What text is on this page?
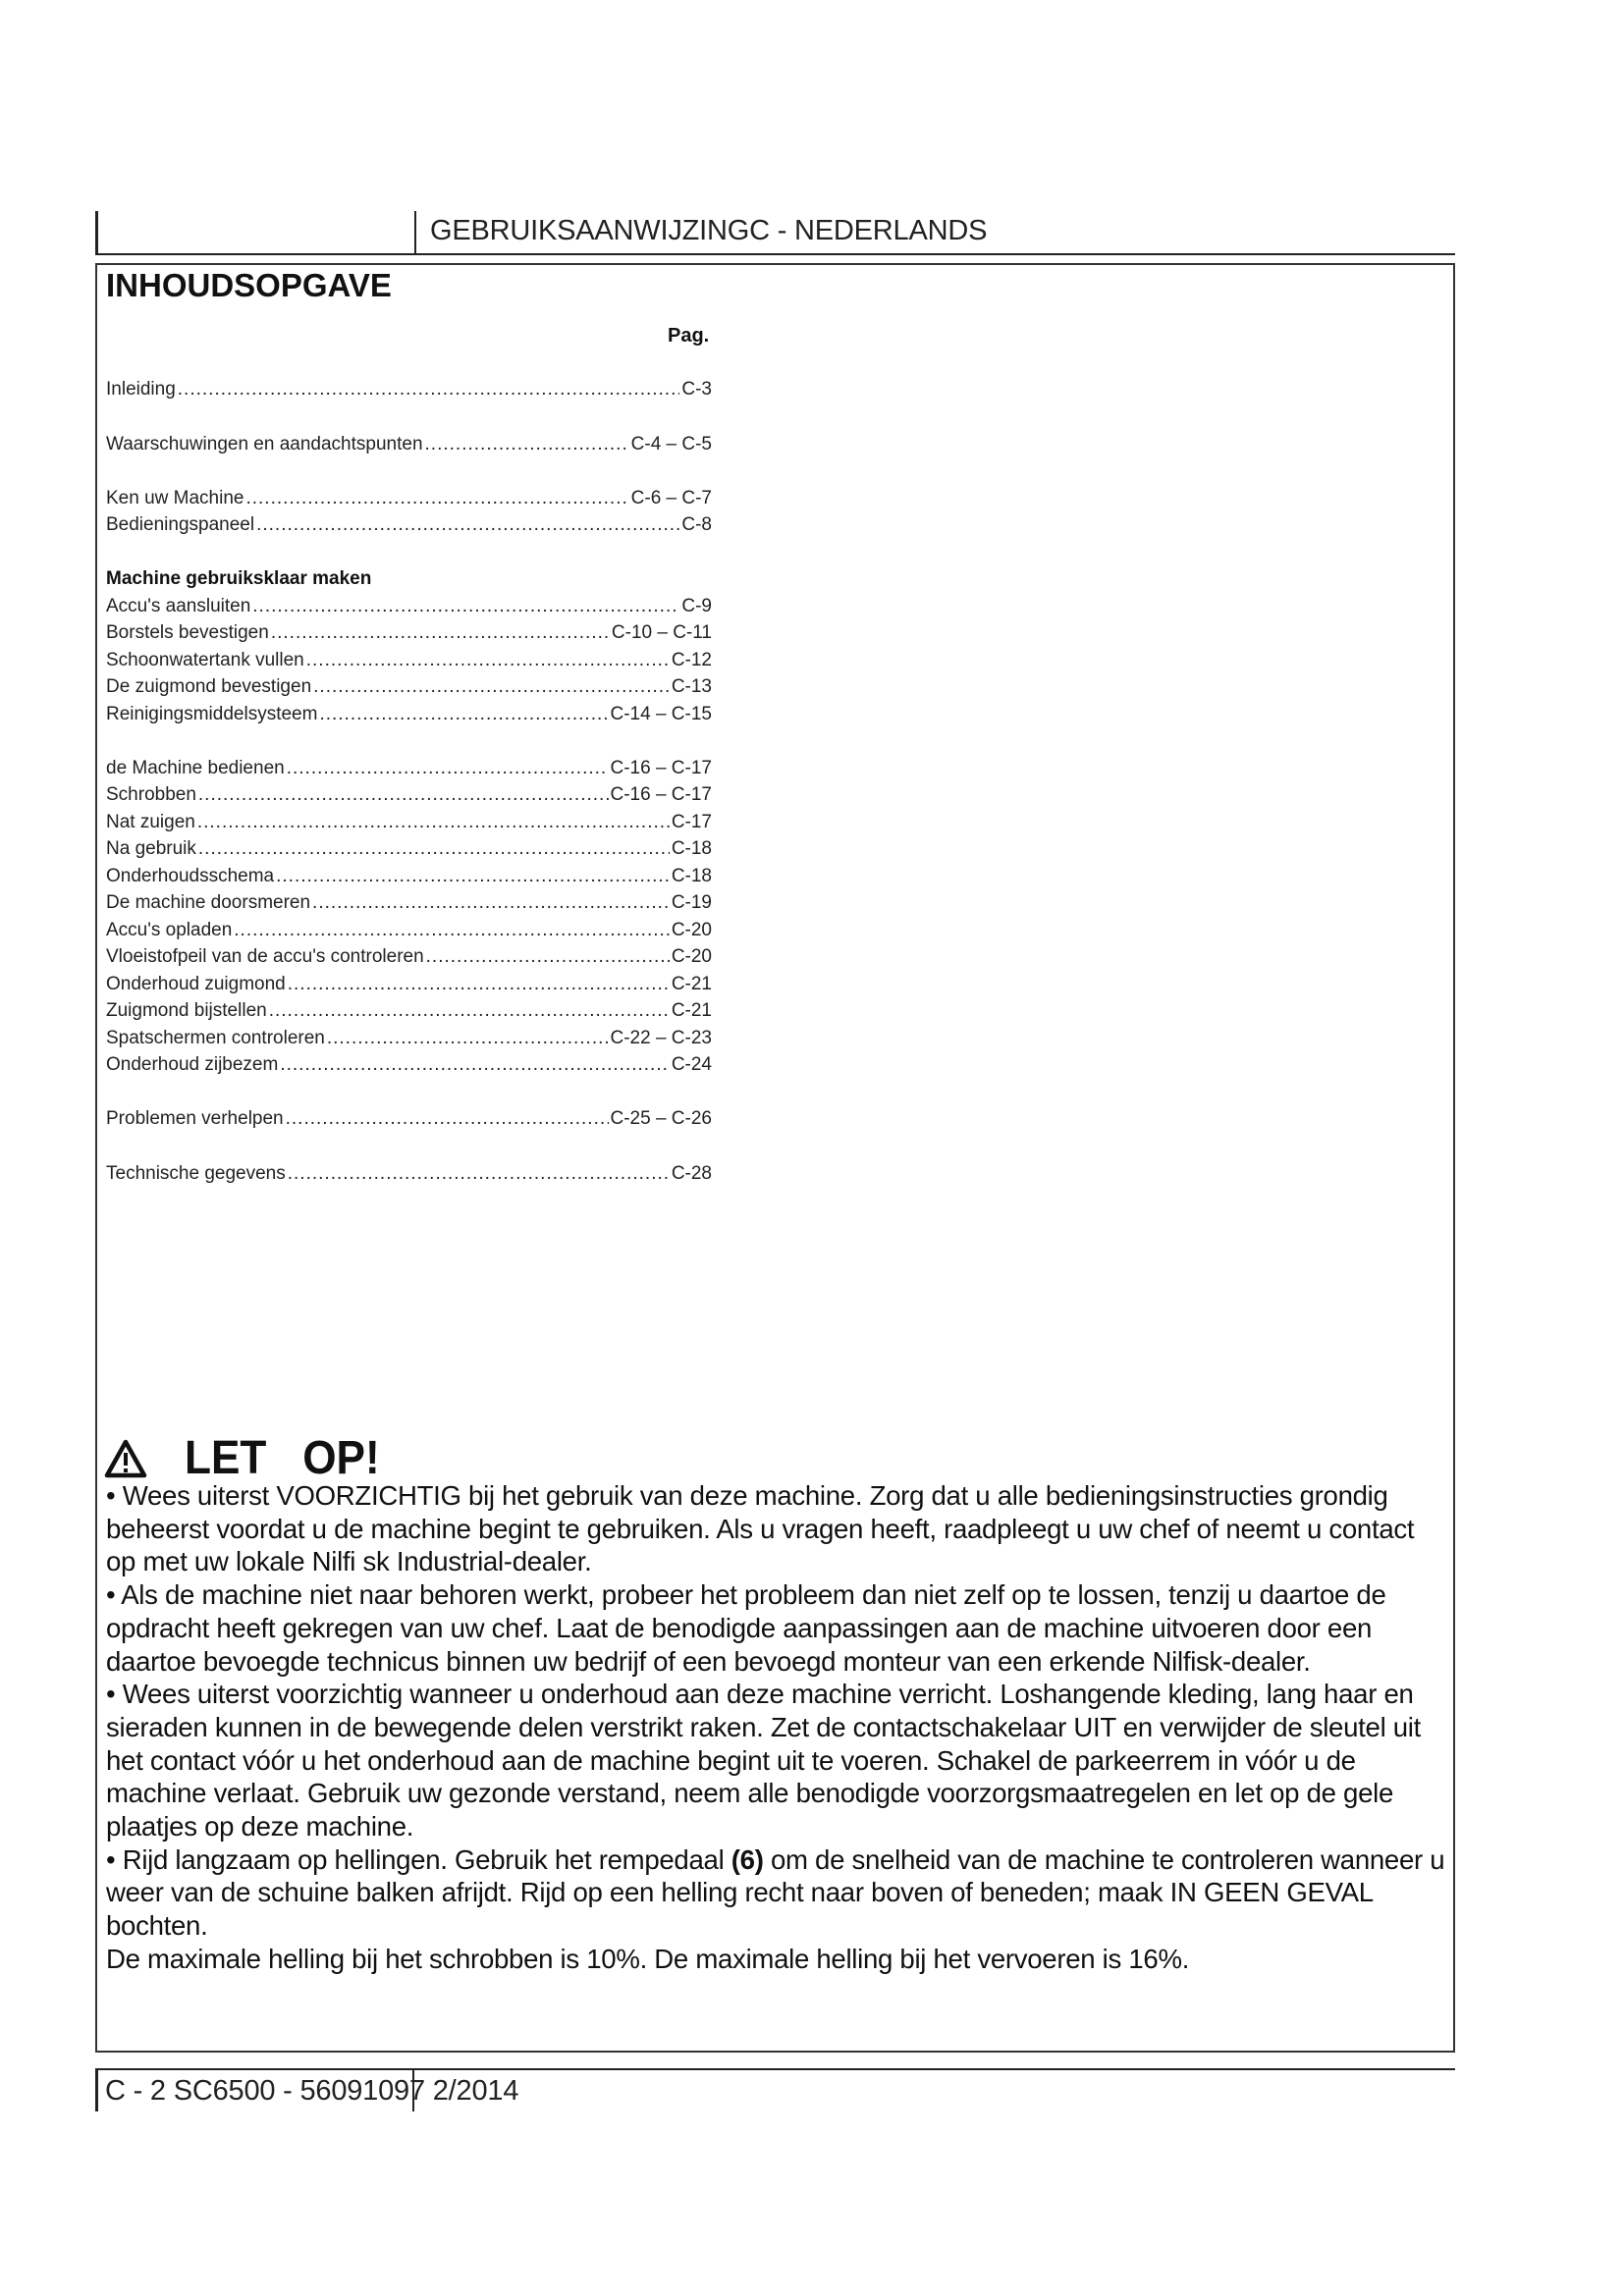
GEBRUIKSAANWIJZINGC - NEDERLANDS
INHOUDSOPGAVE
Pag.
Inleiding .....	C-3
Waarschuwingen en aandachtspunten .....	C-4 – C-5
Ken uw Machine .....	C-6 – C-7
Bedieningspaneel .....	C-8
Machine gebruiksklaar maken
Accu's aansluiten .....	C-9
Borstels bevestigen .....	C-10 – C-11
Schoonwatertank vullen .....	C-12
De zuigmond bevestigen .....	C-13
Reinigingsmiddelsysteem .....	C-14 – C-15
de Machine bedienen .....	C-16 – C-17
Schrobben .....	C-16 – C-17
Nat zuigen .....	C-17
Na gebruik .....	C-18
Onderhoudsschema .....	C-18
De machine doorsmeren .....	C-19
Accu's opladen .....	C-20
Vloeistofpeil van de accu's controleren .....	C-20
Onderhoud zuigmond .....	C-21
Zuigmond bijstellen .....	C-21
Spatschermen controleren .....	C-22 – C-23
Onderhoud zijbezem .....	C-24
Problemen verhelpen .....	C-25 – C-26
Technische gegevens .....	C-28
LET   OP!

• Wees uiterst VOORZICHTIG bij het gebruik van deze machine. Zorg dat u alle bedieningsinstructies grondig beheerst voordat u de machine begint te gebruiken. Als u vragen heeft, raadpleegt u uw chef of neemt u contact op met uw lokale Nilfi sk Industrial-dealer.

• Als de machine niet naar behoren werkt, probeer het probleem dan niet zelf op te lossen, tenzij u daartoe de opdracht heeft gekregen van uw chef. Laat de benodigde aanpassingen aan de machine uitvoeren door een daartoe bevoegde technicus binnen uw bedrijf of een bevoegd monteur van een erkende Nilfisk-dealer.

• Wees uiterst voorzichtig wanneer u onderhoud aan deze machine verricht. Loshangende kleding, lang haar en sieraden kunnen in de bewegende delen verstrikt raken. Zet de contactschakelaar UIT en verwijder de sleutel uit het contact vóór u het onderhoud aan de machine begint uit te voeren. Schakel de parkeerrem in vóór u de machine verlaat. Gebruik uw gezonde verstand, neem alle benodigde voorzorgsmaatregelen en let op de gele plaatjes op deze machine.

• Rijd langzaam op hellingen. Gebruik het rempedaal (6) om de snelheid van de machine te controleren wanneer u weer van de schuine balken afrijdt. Rijd op een helling recht naar boven of beneden; maak IN GEEN GEVAL bochten.

De maximale helling bij het schrobben is 10%. De maximale helling bij het vervoeren is 16%.

C - 2 SC6500 - 56091097 2/2014
